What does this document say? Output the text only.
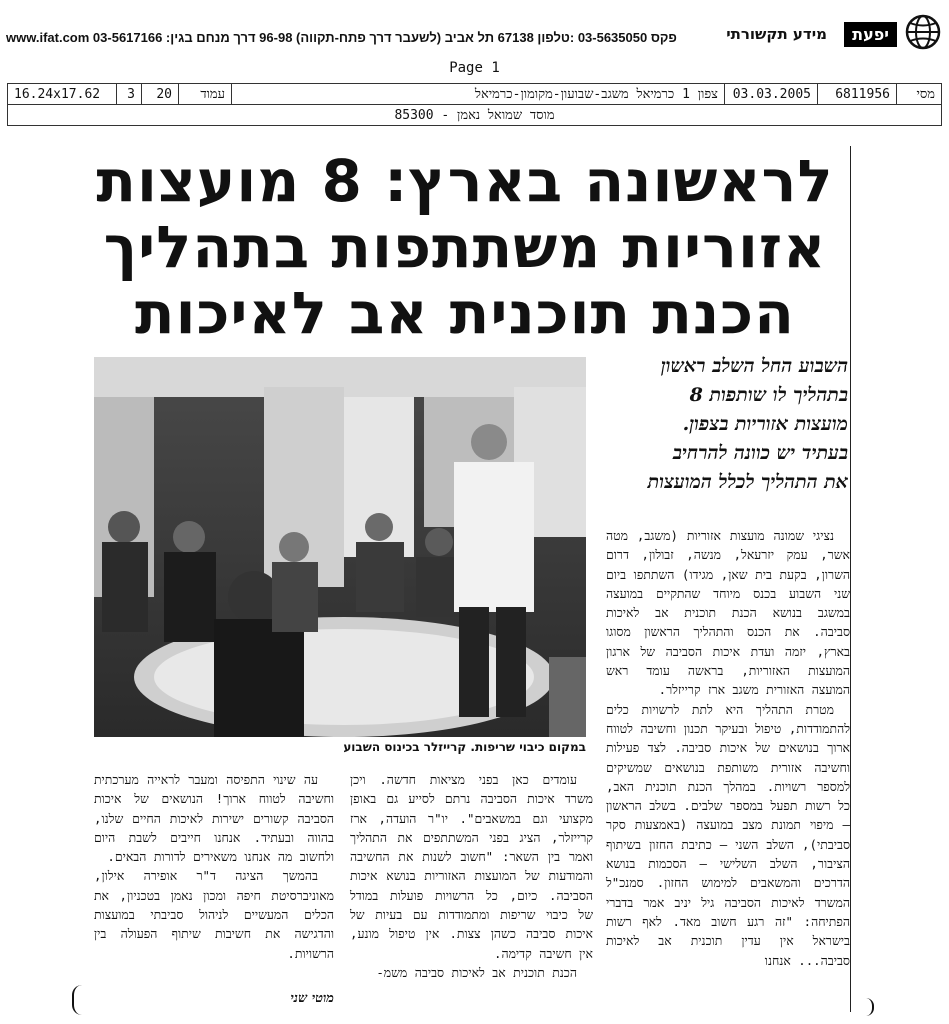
www.ifat.com 03-5617166 :פקס 03-5635050 :טלפון 67138 תל אביב (לשעבר דרך פתח-תקווה) 96-98 דרך מנחם בגין	יפעת
מידע תקשורתי
Page 1
מסי	6811956	03.03.2005	צפון 1 כרמיאל משגב-שבועון-מקומון-כרמיאל	עמוד	20	3	16.24x17.62
מוסד שמואל נאמן - 85300
לראשונה בארץ: 8 מועצות
אזוריות משתתפות בתהליך
הכנת תוכנית אב לאיכות
במקום כיבוי שריפות. קרייזלר בכינוס השבוע
השבוע החל השלב ראשון
בתהליך לו שותפות 8
מועצות אזוריות בצפון.
בעתיד יש כוונה להרחיב
את התהליך לכלל המועצות

נציגי שמונה מועצות אזוריות (משגב, מטה אשר, עמק יזרעאל, מנשה, זבולון, דרום השרון, בקעת בית שאן, מגידו) השתתפו ביום שני השבוע בכנס מיוחד שהתקיים במועצה במשגב בנושא הכנת תוכנית אב לאיכות סביבה. את הכנס והתהליך הראשון מסוגו בארץ, יזמה ועדת איכות הסביבה של ארגון המועצות האזוריות, בראשה עומד ראש המועצה האזורית משגב ארז קרייזלר.

מטרת התהליך היא לתת לרשויות כלים להתמודדות, טיפול ובעיקר תכנון וחשיבה לטווח ארוך בנושאים של איכות סביבה. לצד פעילות וחשיבה אזורית משותפת בנושאים שמשיקים למספר רשויות. במהלך הכנת תוכנית האב, כל רשות תפעל במספר שלבים. בשלב הראשון – מיפוי תמונת מצב במועצה (באמצעות סקר סביבתי), השלב השני – כתיבת החזון בשיתוף הציבור, השלב השלישי – הסכמות בנושא הדרכים והמשאבים למימוש החזון. סמנכ"ל המשרד לאיכות הסביבה גיל יניב אמר בדברי הפתיחה: "זה רגע חשוב מאד. לאף רשות בישראל אין עדין תוכנית אב לאיכות סביבה... אנחנו

עומדים כאן בפני מציאות חדשה. ויכן משרד איכות הסביבה נרתם לסייע גם באופן מקצועי וגם במשאבים". יו"ר הועדה, ארז קרייזלר, הציג בפני המשתתפים את התהליך ואמר בין השאר: "חשוב לשנות את החשיבה והמודעות של המועצות האזוריות בנושא איכות הסביבה. כיום, כל הרשויות פועלות במודל של כיבוי שריפות ומתמודדות עם בעיות של איכות סביבה כשהן צצות. אין טיפול מונע, אין חשיבה קדימה.

הכנת תוכנית אב לאיכות סביבה משמ-

עה שינוי התפיסה ומעבר לראייה מערכתית וחשיבה לטווח ארוך! הנושאים של איכות הסביבה קשורים ישירות לאיכות החיים שלנו, בהווה ובעתיד. אנחנו חייבים לשבת היום ולחשוב מה אנחנו משאירים לדורות הבאים.

בהמשך הציגה ד"ר אופירה אילון, מאוניברסיטת חיפה ומכון נאמן בטכניון, את הכלים המעשיים לניהול סביבתי במועצות והדגישה את חשיבות שיתוף הפעולה בין הרשויות.

מוטי שני
